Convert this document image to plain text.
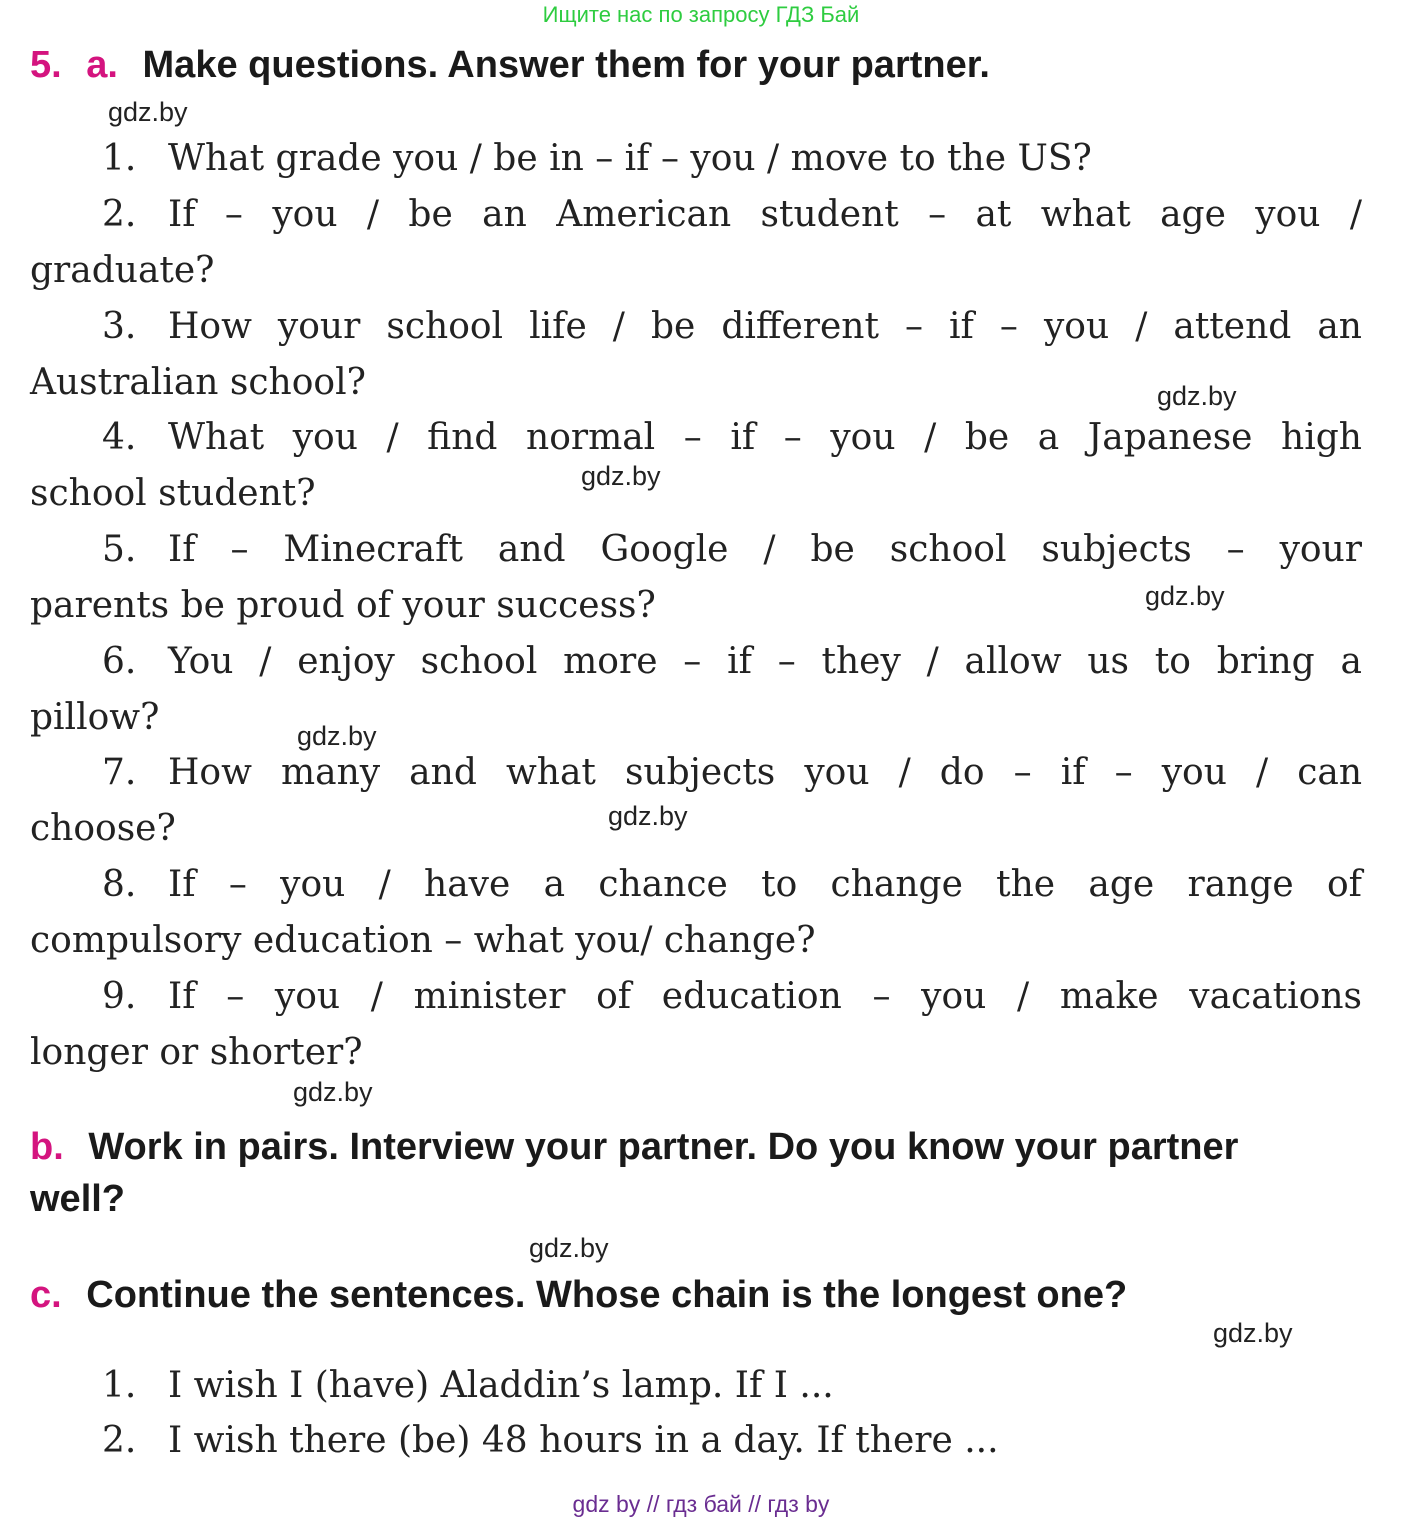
Ищите нас по запросу ГДЗ Бай
5. a. Make questions. Answer them for your partner.
1. What grade you / be in – if – you / move to the US?
2. If – you / be an American student – at what age you /
graduate?
3. How your school life / be different – if – you / attend an
Australian school?
4. What you / find normal – if – you / be a Japanese high
school student?
5. If – Minecraft and Google / be school subjects – your
parents be proud of your success?
6. You / enjoy school more – if – they / allow us to bring a
pillow?
7. How many and what subjects you / do – if – you / can
choose?
8. If – you / have a chance to change the age range of
compulsory education – what you/ change?
9. If – you / minister of education – you / make vacations
longer or shorter?
b. Work in pairs. Interview your partner. Do you know your partner
well?
c. Continue the sentences. Whose chain is the longest one?
1. I wish I (have) Aladdin’s lamp. If I ...
2. I wish there (be) 48 hours in a day. If there ...
gdz.by
gdz.by
gdz.by
gdz.by
gdz.by
gdz.by
gdz.by
gdz.by
gdz.by
gdz by // гдз бай // гдз by
